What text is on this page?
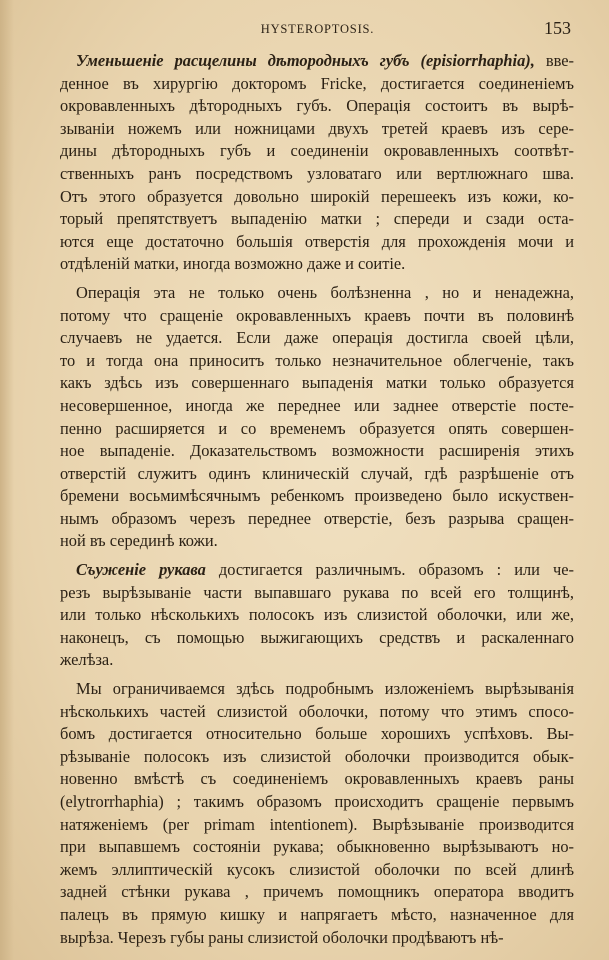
HYSTEROPTOSIS.	153
Уменьшеніе расщелины дѣтородныхъ губъ (episiorrhaphia), вве-
денное въ хирургію докторомъ Fricke, достигается соединеніемъ
окровавленныхъ дѣтородныхъ губъ. Операція состоитъ въ вырѣ-
зываніи ножемъ или ножницами двухъ третей краевъ изъ сере-
дины дѣтородныхъ губъ и соединеніи окровавленныхъ соотвѣт-
ственныхъ ранъ посредствомъ узловатаго или вертлюжнаго шва.
Отъ этого образуется довольно широкій перешеекъ изъ кожи, ко-
торый препятствуетъ выпаденію матки ; спереди и сзади оста-
ются еще достаточно большія отверстія для прохожденія мочи и
отдѣленій матки, иногда возможно даже и соитіе.
Операція эта не только очень болѣзненна , но и ненадежна,
потому что сращеніе окровавленныхъ краевъ почти въ половинѣ
случаевъ не удается. Если даже операція достигла своей цѣли,
то и тогда она приноситъ только незначительное облегченіе, такъ
какъ здѣсь изъ совершеннаго выпаденія матки только образуется
несовершенное, иногда же переднее или заднее отверстіе посте-
пенно расширяется и со временемъ образуется опять совершен-
ное выпаденіе. Доказательствомъ возможности расширенія этихъ
отверстій служитъ одинъ клиническій случай, гдѣ разрѣшеніе отъ
бремени восьмимѣсячнымъ ребенкомъ произведено было искуствен-
нымъ образомъ черезъ переднее отверстіе, безъ разрыва сращен-
ной въ серединѣ кожи.
Съуженіе рукава достигается различнымъ. образомъ : или че-
резъ вырѣзываніе части выпавшаго рукава по всей его толщинѣ,
или только нѣсколькихъ полосокъ изъ слизистой оболочки, или же,
наконецъ, съ помощью выжигающихъ средствъ и раскаленнаго
желѣза.
Мы ограничиваемся здѣсь подробнымъ изложеніемъ вырѣзыванія
нѣсколькихъ частей слизистой оболочки, потому что этимъ спосо-
бомъ достигается относительно больше хорошихъ успѣховъ. Вы-
рѣзываніе полосокъ изъ слизистой оболочки производится обык-
новенно вмѣстѣ съ соединеніемъ окровавленныхъ краевъ раны
(elytrorrhaphia) ; такимъ образомъ происходитъ сращеніе первымъ
натяженіемъ (per primam intentionem). Вырѣзываніе производится
при выпавшемъ состояніи рукава; обыкновенно вырѣзываютъ но-
жемъ эллиптическій кусокъ слизистой оболочки по всей длинѣ
задней стѣнки рукава , причемъ помощникъ оператора вводитъ
палецъ въ прямую кишку и напрягаетъ мѣсто, назначенное для
вырѣза. Черезъ губы раны слизистой оболочки продѣваютъ нѣ-
